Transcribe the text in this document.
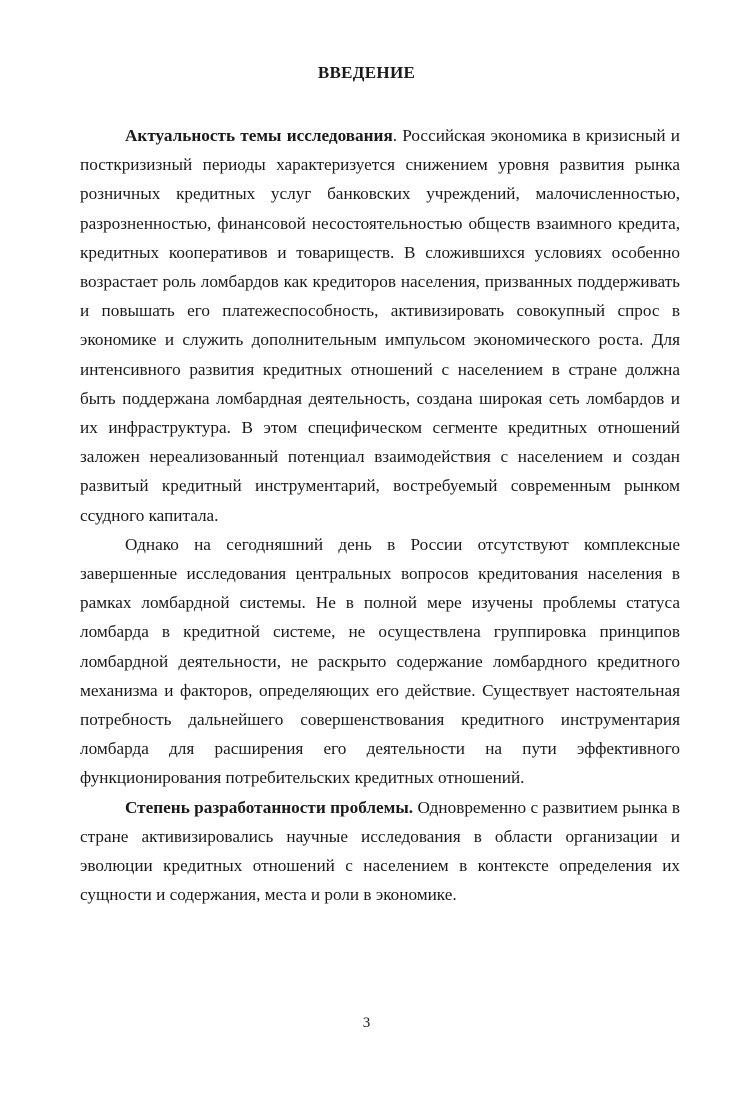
ВВЕДЕНИЕ

Актуальность темы исследования. Российская экономика в кризисный и посткризизный периоды характеризуется снижением уровня развития рынка розничных кредитных услуг банковских учреждений, малочисленностью, разрозненностью, финансовой несостоятельностью обществ взаимного кредита, кредитных кооперативов и товариществ. В сложившихся условиях особенно возрастает роль ломбардов как кредиторов населения, призванных поддерживать и повышать его платежеспособность, активизировать совокупный спрос в экономике и служить дополнительным импульсом экономического роста. Для интенсивного развития кредитных отношений с населением в стране должна быть поддержана ломбардная деятельность, создана широкая сеть ломбардов и их инфраструктура. В этом специфическом сегменте кредитных отношений заложен нереализованный потенциал взаимодействия с населением и создан развитый кредитный инструментарий, востребуемый современным рынком ссудного капитала.

Однако на сегодняшний день в России отсутствуют комплексные завершенные исследования центральных вопросов кредитования населения в рамках ломбардной системы. Не в полной мере изучены проблемы статуса ломбарда в кредитной системе, не осуществлена группировка принципов ломбардной деятельности, не раскрыто содержание ломбардного кредитного механизма и факторов, определяющих его действие. Существует настоятельная потребность дальнейшего совершенствования кредитного инструментария ломбарда для расширения его деятельности на пути эффективного функционирования потребительских кредитных отношений.

Степень разработанности проблемы. Одновременно с развитием рынка в стране активизировались научные исследования в области организации и эволюции кредитных отношений с населением в контексте определения их сущности и содержания, места и роли в экономике.

3
